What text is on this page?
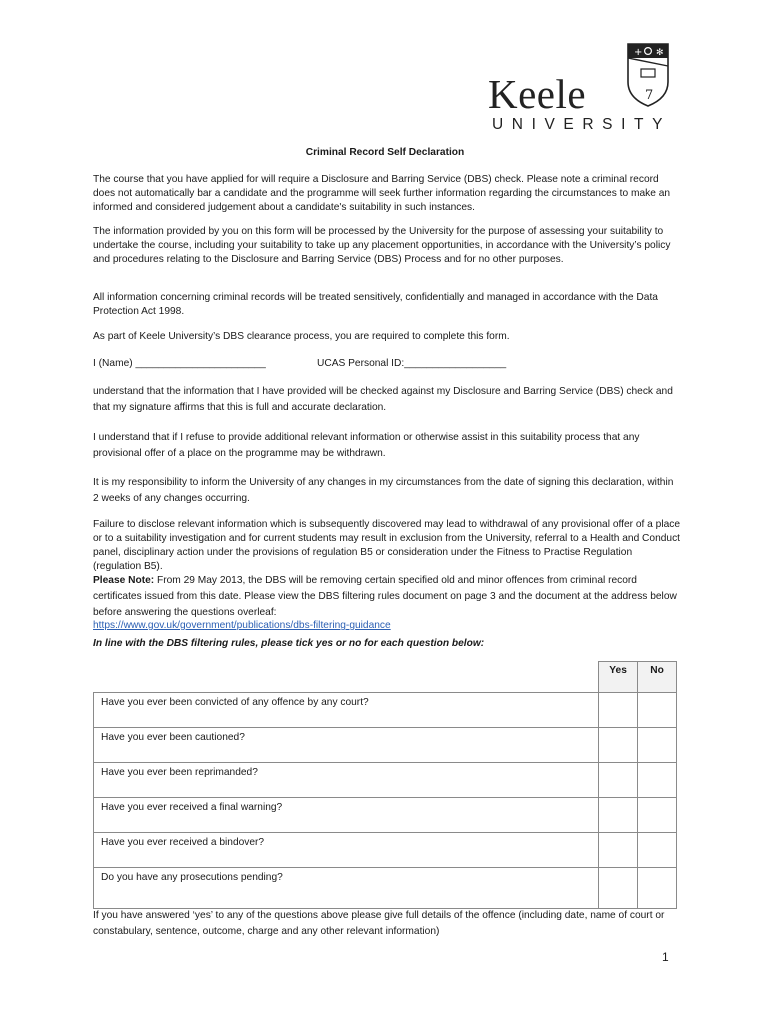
Keele
UNIVERSITY
+ ✻
7
Criminal Record Self Declaration

The course that you have applied for will require a Disclosure and Barring Service (DBS) check. Please note a criminal record does not automatically bar a candidate and the programme will seek further information regarding the circumstances to make an informed and considered judgement about a candidate's suitability in such instances.

The information provided by you on this form will be processed by the University for the purpose of assessing your suitability to undertake the course, including your suitability to take up any placement opportunities, in accordance with the University’s policy and procedures relating to the Disclosure and Barring Service (DBS) Process and for no other purposes.

All information concerning criminal records will be treated sensitively, confidentially and managed in accordance with the Data Protection Act 1998.

As part of Keele University’s DBS clearance process, you are required to complete this form.

I (Name) _______________________	UCAS Personal ID:__________________

understand that the information that I have provided will be checked against my Disclosure and Barring Service (DBS) check and that my signature affirms that this is full and accurate declaration.

I understand that if I refuse to provide additional relevant information or otherwise assist in this suitability process that any provisional offer of a place on the programme may be withdrawn.

It is my responsibility to inform the University of any changes in my circumstances from the date of signing this declaration, within 2 weeks of any changes occurring.

Failure to disclose relevant information which is subsequently discovered may lead to withdrawal of any provisional offer of a place or to a suitability investigation and for current students may result in exclusion from the University, referral to a Health and Conduct panel, disciplinary action under the provisions of regulation B5 or consideration under the Fitness to Practise Regulation (regulation B5).

Please Note: From 29 May 2013, the DBS will be removing certain specified old and minor offences from criminal record certificates issued from this date. Please view the DBS filtering rules document on page 3 and the document at the address below before answering the questions overleaf:

https://www.gov.uk/government/publications/dbs-filtering-guidance

In line with the DBS filtering rules, please tick yes or no for each question below:

	Yes	No
Have you ever been convicted of any offence by any court?		
Have you ever been cautioned?		
Have you ever been reprimanded?		
Have you ever received a final warning?		
Have you ever received a bindover?		
Do you have any prosecutions pending?		

If you have answered ‘yes’ to any of the questions above please give full details of the offence (including date, name of court or constabulary, sentence, outcome, charge and any other relevant information)

1
